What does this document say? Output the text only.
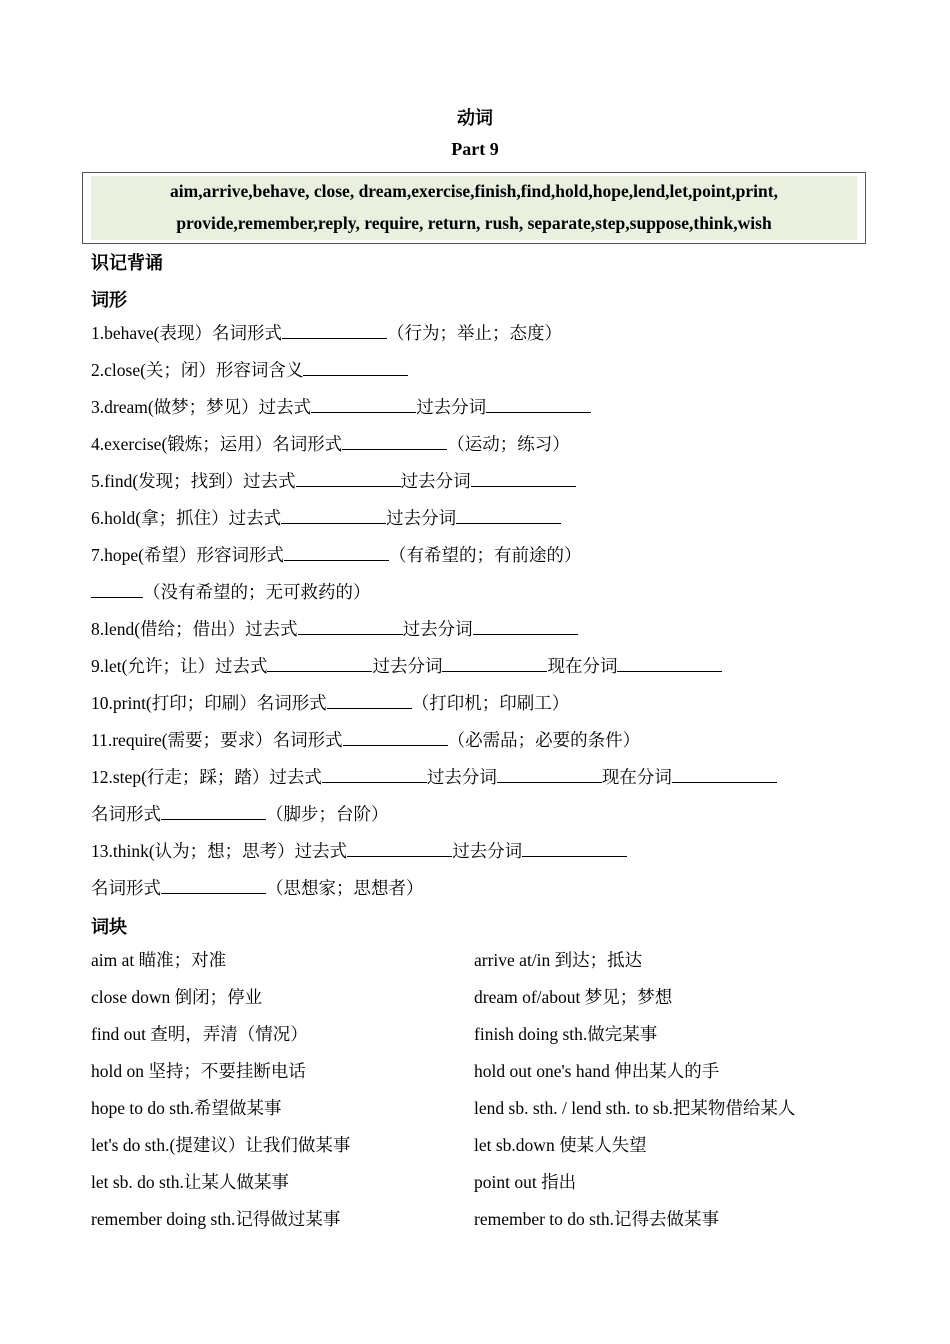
动词
Part 9
aim,arrive,behave, close, dream,exercise,finish,find,hold,hope,lend,let,point,print,
provide,remember,reply, require, return, rush, separate,step,suppose,think,wish
识记背诵
词形
1.behave(表现）名词形式	（行为；举止；态度）
2.close(关；闭）形容词含义
3.dream(做梦；梦见）过去式	过去分词
4.exercise(锻炼；运用）名词形式	（运动；练习）
5.find(发现；找到）过去式	过去分词
6.hold(拿；抓住）过去式	过去分词
7.hope(希望）形容词形式	（有希望的；有前途的）
（没有希望的；无可救药的）
8.lend(借给；借出）过去式	过去分词
9.let(允许；让）过去式	过去分词	现在分词
10.print(打印；印刷）名词形式	（打印机；印刷工）
11.require(需要；要求）名词形式	（必需品；必要的条件）
12.step(行走；踩；踏）过去式	过去分词	现在分词
名词形式	（脚步；台阶）
13.think(认为；想；思考）过去式	过去分词
名词形式	（思想家；思想者）
词块
aim at 瞄准；对准	arrive at/in 到达；抵达
close down 倒闭；停业	dream of/about 梦见；梦想
find out 查明，弄清（情况）	finish doing sth.做完某事
hold on 坚持；不要挂断电话	hold out one's hand 伸出某人的手
hope to do sth.希望做某事	lend sb. sth. / lend sth. to sb.把某物借给某人
let's do sth.(提建议）让我们做某事	let sb.down 使某人失望
let sb. do sth.让某人做某事	point out 指出
remember doing sth.记得做过某事	remember to do sth.记得去做某事
